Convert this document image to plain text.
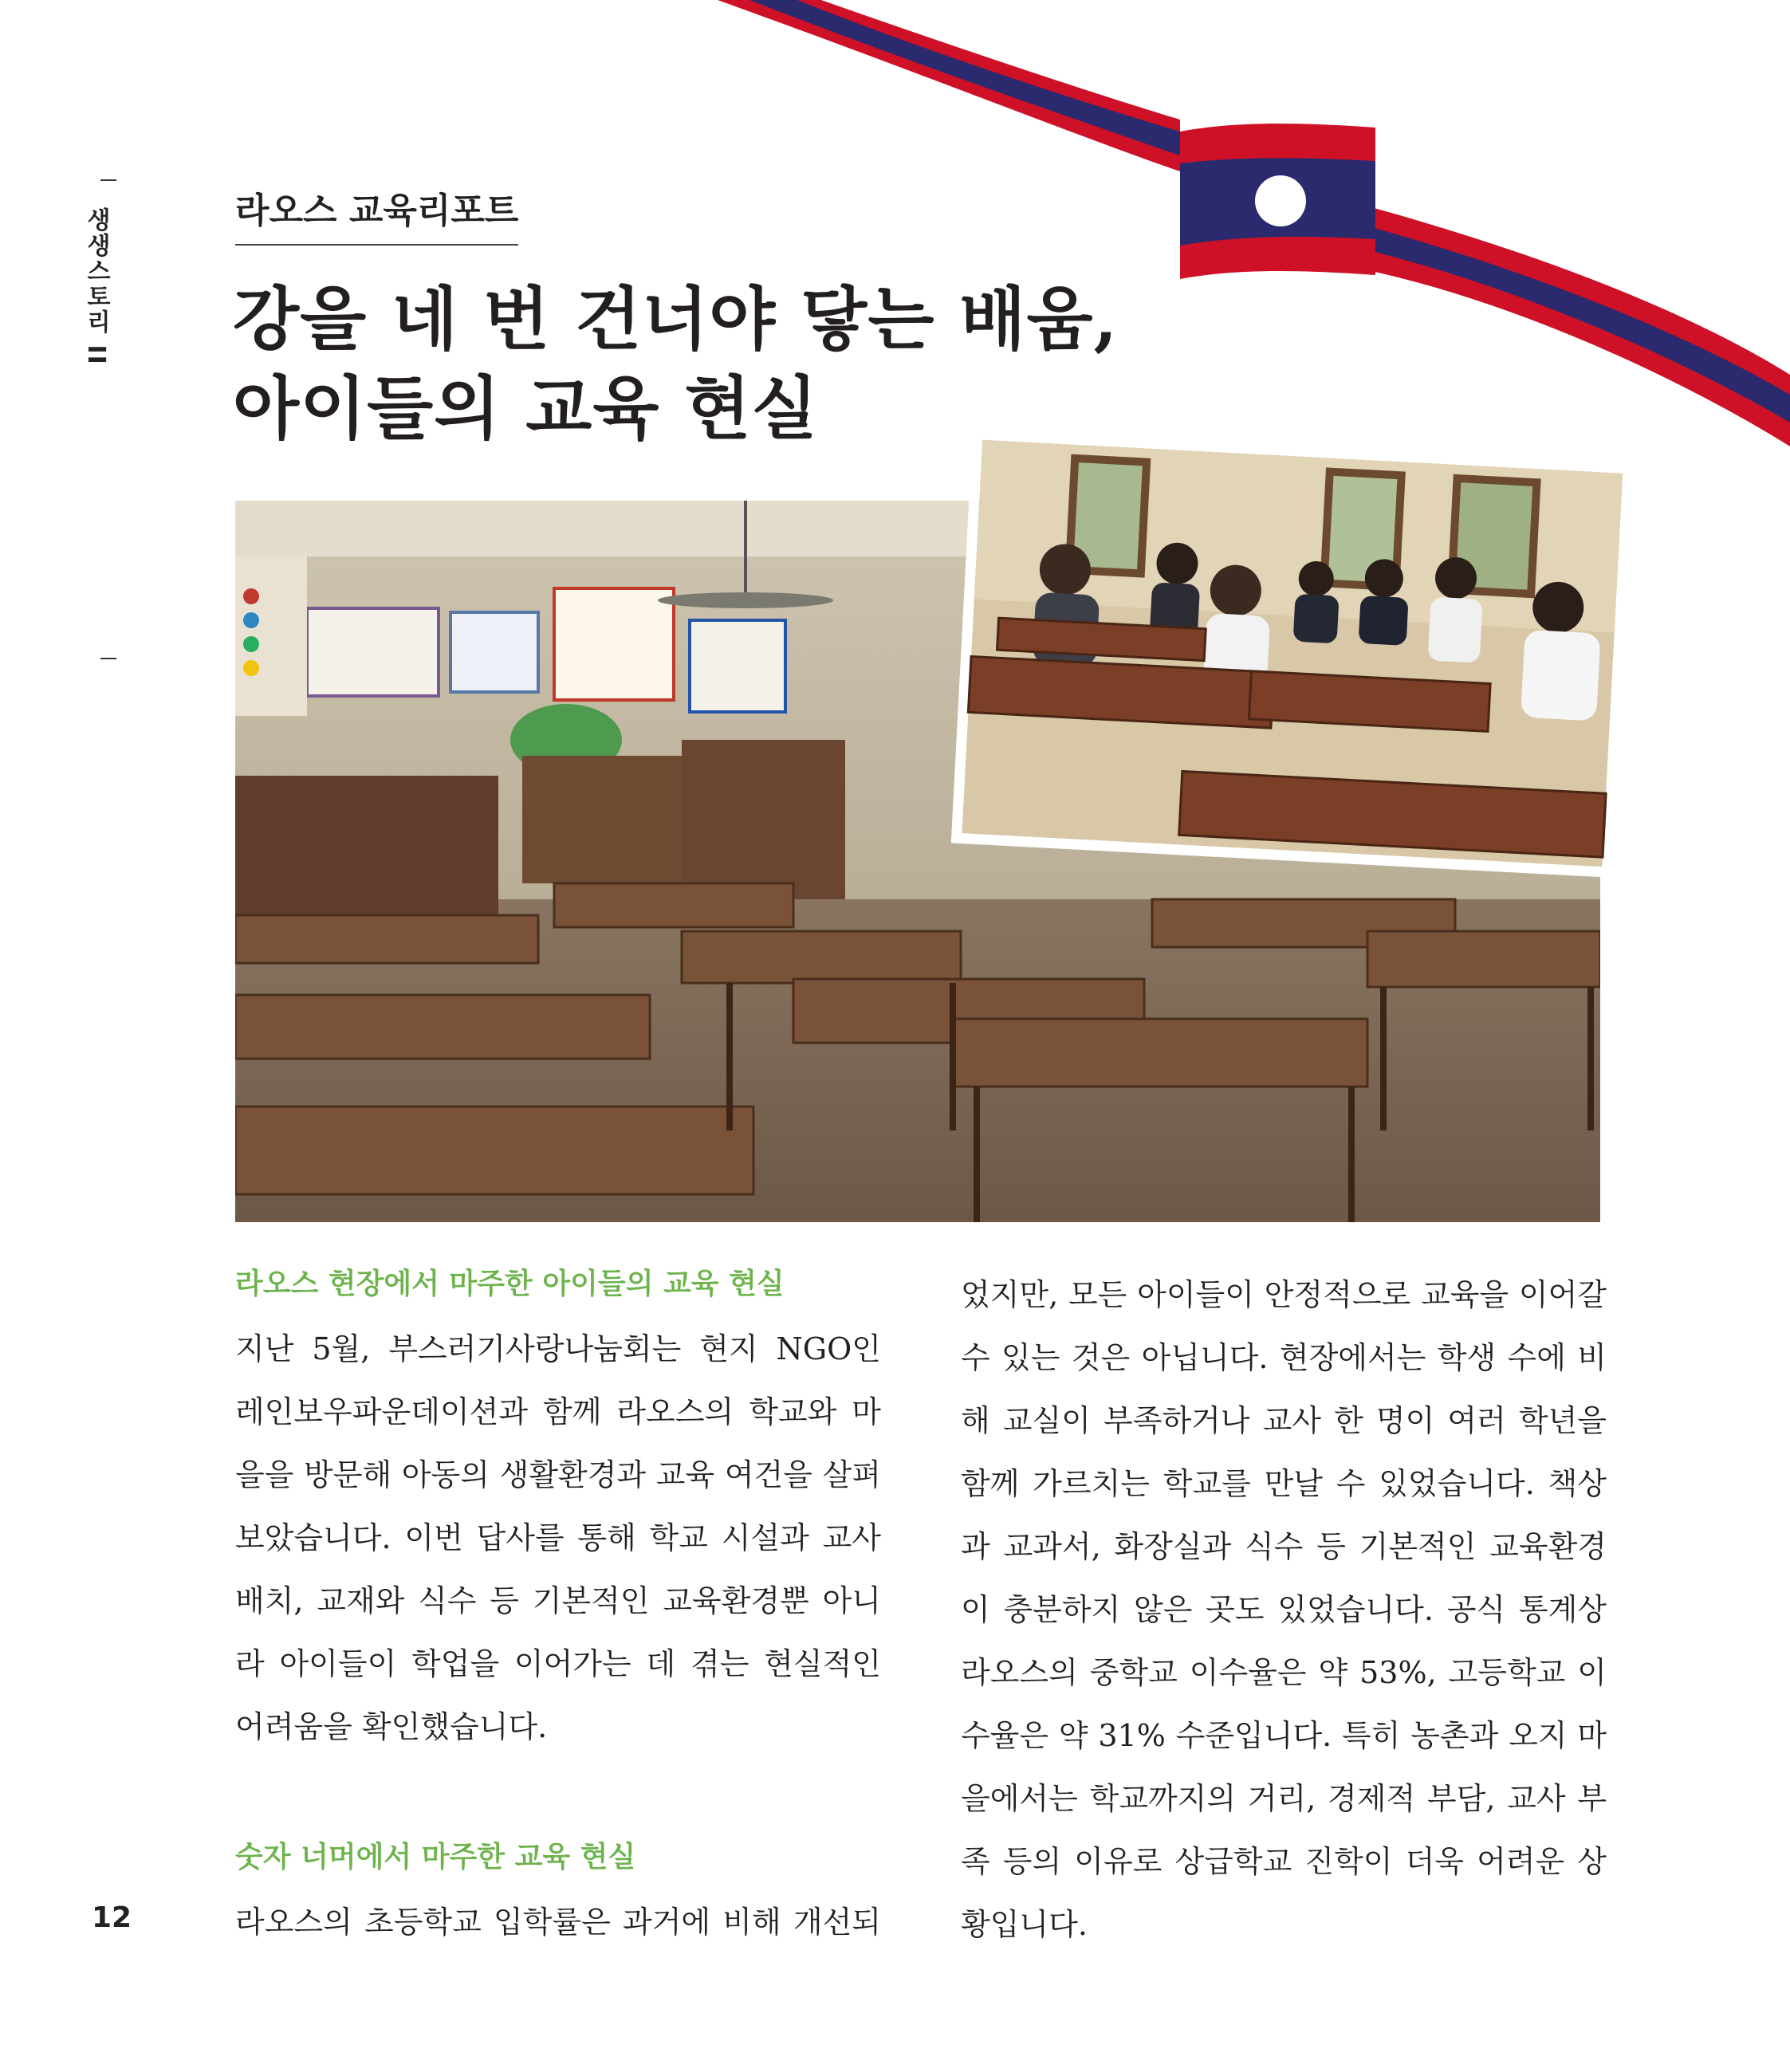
생생스토리 II	라오스 교육리포트
강을 네 번 건너야 닿는 배움,
아이들의 교육 현실
라오스 현장에서 마주한 아이들의 교육 현실

지난 5월, 부스러기사랑나눔회는 현지 NGO인 레인보우파운데이션과 함께 라오스의 학교와 마을을 방문해 아동의 생활환경과 교육 여건을 살펴보았습니다. 이번 답사를 통해 학교 시설과 교사 배치, 교재와 식수 등 기본적인 교육환경뿐 아니라 아이들이 학업을 이어가는 데 겪는 현실적인 어려움을 확인했습니다.

숫자 너머에서 마주한 교육 현실

라오스의 초등학교 입학률은 과거에 비해 개선되

었지만, 모든 아이들이 안정적으로 교육을 이어갈 수 있는 것은 아닙니다. 현장에서는 학생 수에 비해 교실이 부족하거나 교사 한 명이 여러 학년을 함께 가르치는 학교를 만날 수 있었습니다. 책상과 교과서, 화장실과 식수 등 기본적인 교육환경이 충분하지 않은 곳도 있었습니다. 공식 통계상 라오스의 중학교 이수율은 약 53%, 고등학교 이수율은 약 31% 수준입니다. 특히 농촌과 오지 마을에서는 학교까지의 거리, 경제적 부담, 교사 부족 등의 이유로 상급학교 진학이 더욱 어려운 상황입니다.

12
